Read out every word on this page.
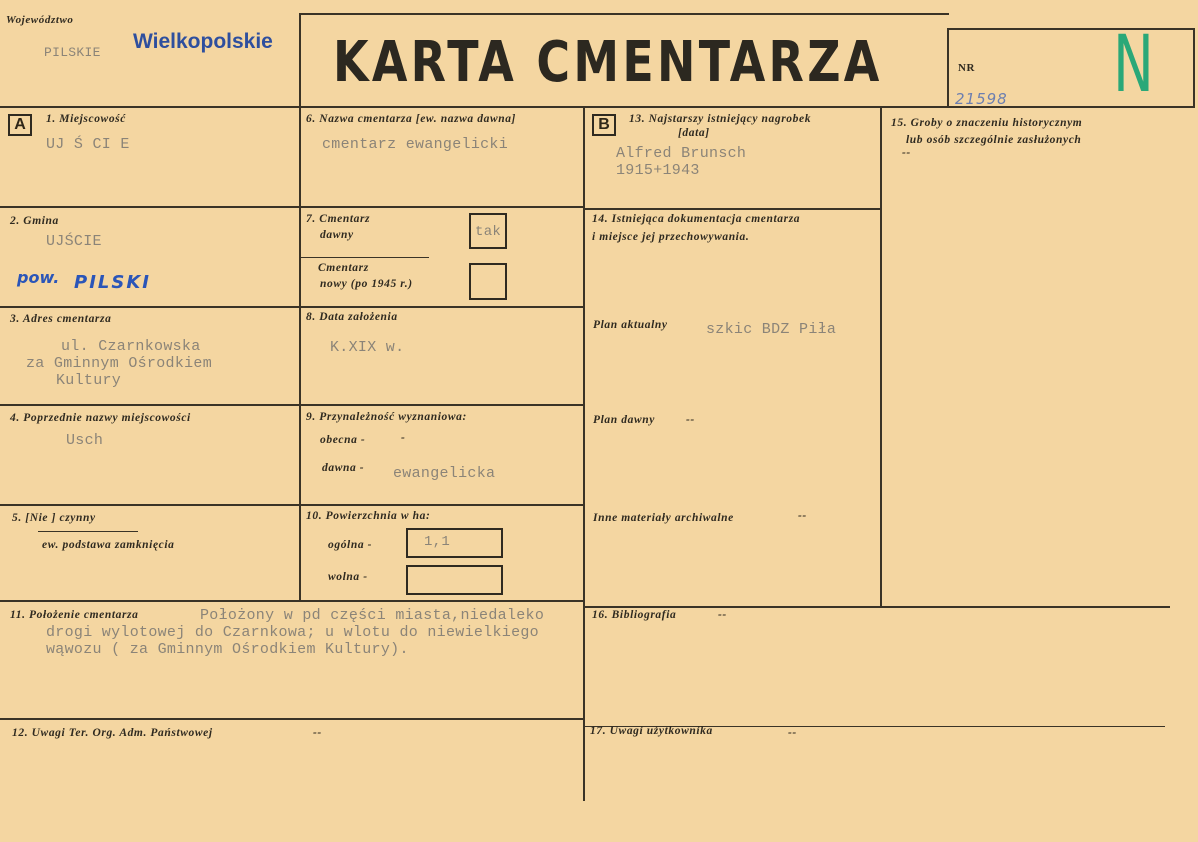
Województwo
PILSKIE Wielkopolskie KARTA CMENTARZA	NR
21598 N
A	B
1. Miejscowość
UJ Ś CI E
2. Gmina
UJŚCIE
pow. PILSKI
3. Adres cmentarza
ul. Czarnkowska
za Gminnym Ośrodkiem
Kultury
4. Poprzednie nazwy miejscowości
Usch
5. [Nie ] czynny
ew. podstawa zamknięcia
6. Nazwa cmentarza [ew. nazwa dawna]
cmentarz ewangelicki
7. Cmentarz
dawny	tak
Cmentarz
nowy (po 1945 r.)
8. Data założenia
K.XIX w.
9. Przynależność wyznaniowa:
obecna -	-
dawna - ewangelicka
10. Powierzchnia w ha:
ogólna -	1,1
wolna -
11. Położenie cmentarza	Położony w pd części miasta,niedaleko
drogi wylotowej do Czarnkowa; u wlotu do niewielkiego
wąwozu ( za Gminnym Ośrodkiem Kultury).
12. Uwagi Ter. Org. Adm. Państwowej	--
13. Najstarszy istniejący nagrobek
[data]
Alfred Brunsch
1915+1943
14. Istniejąca dokumentacja cmentarza
i miejsce jej przechowywania.
Plan aktualny	szkic BDZ Piła
Plan dawny	--
Inne materiały archiwalne	--
15. Groby o znaczeniu historycznym
lub osób szczególnie zasłużonych
--
16. Bibliografia	--
17. Uwagi użytkownika	--
